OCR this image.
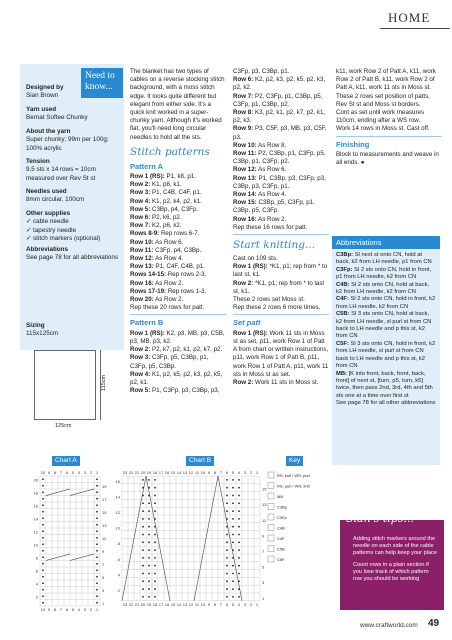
HOME
Need to know...
Designed by
Sian Brown
Yarn used
Bernat Softee Chunky
About the yarn
Super chunky; 99m per 100g; 100% acrylic
Tension
9.5 sts x 14 rows = 10cm measured over Rev St st
Needles used
8mm circular, 100cm
Other supplies
✓ cable needle
✓ tapestry needle
✓ stitch markers (optional)
Abbreviations
See page 78 for all abbreviations
Sizing
115x125cm
115cm
125cm

The blanket has two types of cables on a reverse stocking stitch background, with a moss stitch edge. It looks quite different but elegant from either side. It's a quick knit worked in a super-chunky yarn. Although it's worked flat, you'll need long circular needles to hold all the sts.

Stitch patterns
Pattern A
Row 1 (RS): P1, k8, p1.
Row 2: K1, p8, k1.
Row 3: P1, C4B, C4F, p1.
Row 4: K1, p2, k4, p2, k1.
Row 5: C3Bp, p4, C3Fp.
Row 6: P2, k6, p2.
Row 7: K2, p6, k2.
Rows 8-9: Rep rows 6-7.
Row 10: As Row 6.
Row 11: C3Fp, p4, C3Bp.
Row 12: As Row 4.
Row 13: P1, C4F, C4B, p1.
Rows 14-15: Rep rows 2-3.
Row 16: As Row 2.
Rows 17-19: Rep rows 1-3.
Row 20: As Row 2.
Rep these 20 rows for patt.
Pattern B
Row 1 (RS): K2, p3, MB, p3, C5B, p3, MB, p3, k2.
Row 2: P2, k7, p2, k1, p2, k7, p2.
Row 3: C3Fp, p5, C3Bp, p1, C3Fp, p5, C3Bp.
Row 4: K1, p2, k5, p2, k3, p2, k5, p2, k1.
Row 5: P1, C3Fp, p3, C3Bp, p3,
C3Fp, p3, C3Bp, p1.
Row 6: K2, p2, k3, p2, k5, p2, k3, p2, k2.
Row 7: P2, C3Fp, p1, C3Bp, p5, C3Fp, p1, C3Bp, p2.
Row 8: K3, p2, k1, p2, k7, p2, k1, p2, k3.
Row 9: P3, C5F, p3, MB, p3, C5F, p3.
Row 10: As Row 8.
Row 11: P2, C3Bp, p1, C3Fp, p5, C3Bp, p1, C3Fp, p2.
Row 12: As Row 6.
Row 13: P1, C3Bp, p3, C3Fp, p3, C3Bp, p3, C3Fp, p1.
Row 14: As Row 4.
Row 15: C3Bp, p5, C3Fp, p1, C3Bp, p5, C3Fp.
Row 16: As Row 2.
Rep these 16 rows for patt.
Start knitting...
Cast on 109 sts.
Row 1 (RS): *K1, p1; rep from * to last st, k1.
Row 2: *K1, p1; rep from * to last st, k1.
These 2 rows set Moss st.
Rep these 2 rows 6 more times.
Set patt
Row 1 (RS): Work 11 sts in Moss st as set, p11, work Row 1 of Patt A from chart or written instructions, p11, work Row 1 of Patt B, p11, work Row 1 of Patt A, p11, work 11 sts in Moss st as set.
Row 2: Work 11 sts in Moss st.
k11, work Row 2 of Patt A, k11, work Row 2 of Patt B, k11, work Row 2 of Patt A, k11, work 11 sts in Moss st.
These 2 rows set position of patts, Rev St st and Moss st borders.
Cont as set until work measures 110cm, ending after a WS row.
Work 14 rows in Moss st. Cast off.
Finishing

Block to measurements and weave in all ends. ●

Abbreviations
C3Bp: Sl next st onto CN, hold at back, k2 from LH needle, p1 from CN
C3Fp: Sl 2 sts onto CN, hold in front, p1 from LH needle, k2 from CN
C4B: Sl 2 sts onto CN, hold at back, k2 from LH needle, k2 from CN
C4F: Sl 2 sts onto CN, hold in front, k2 from LH needle, k2 from CN
C5B: Sl 3 sts onto CN, hold at back, k2 from LH needle, sl purl st from CN back to LH needle and p this st, k2 from CN
C5F: Sl 3 sts onto CN, hold in front, k2 from LH needle, sl purl st from CN back to LH needle and p this st, k2 from CN
MB: [K into front, back, front, back, front] of next st, [turn, p5, turn, k5] twice, then pass 2nd, 3rd, 4th and 5th sts one at a time over first st
See page 78 for all other abbreviations
Chart A	Chart B	Key
10
10
9
9
8
8
7
7
6
6
5
5
4
4
3
3
2
2
1
1
20
19
18
17
16
15
14
13
12
11
10
9
8
7
6
5
4
3
2
1
23
23
22
22
21
21
20
20
19
19
18
18
17
17
16
16
15
15
14
14
13
13
12
12
11
11
10
10
9
9
8
8
7
7
6
6
5
5
4
4
3
3
2
2
1
1
16
15
14
13
12
11
10
9
8
7
6
5
4
3
2
1
RS: knit / WS: purl
RS: purl / WS: knit
MB
C3Bp
C3Fp
C4B
C4F
C5B
C5F
Sian's tips...

Adding stitch markers around the needle on each side of the cable patterns can help keep your place

Count rows in a plain section if you lose track of which pattern row you should be working

www.craftworld.com 49
